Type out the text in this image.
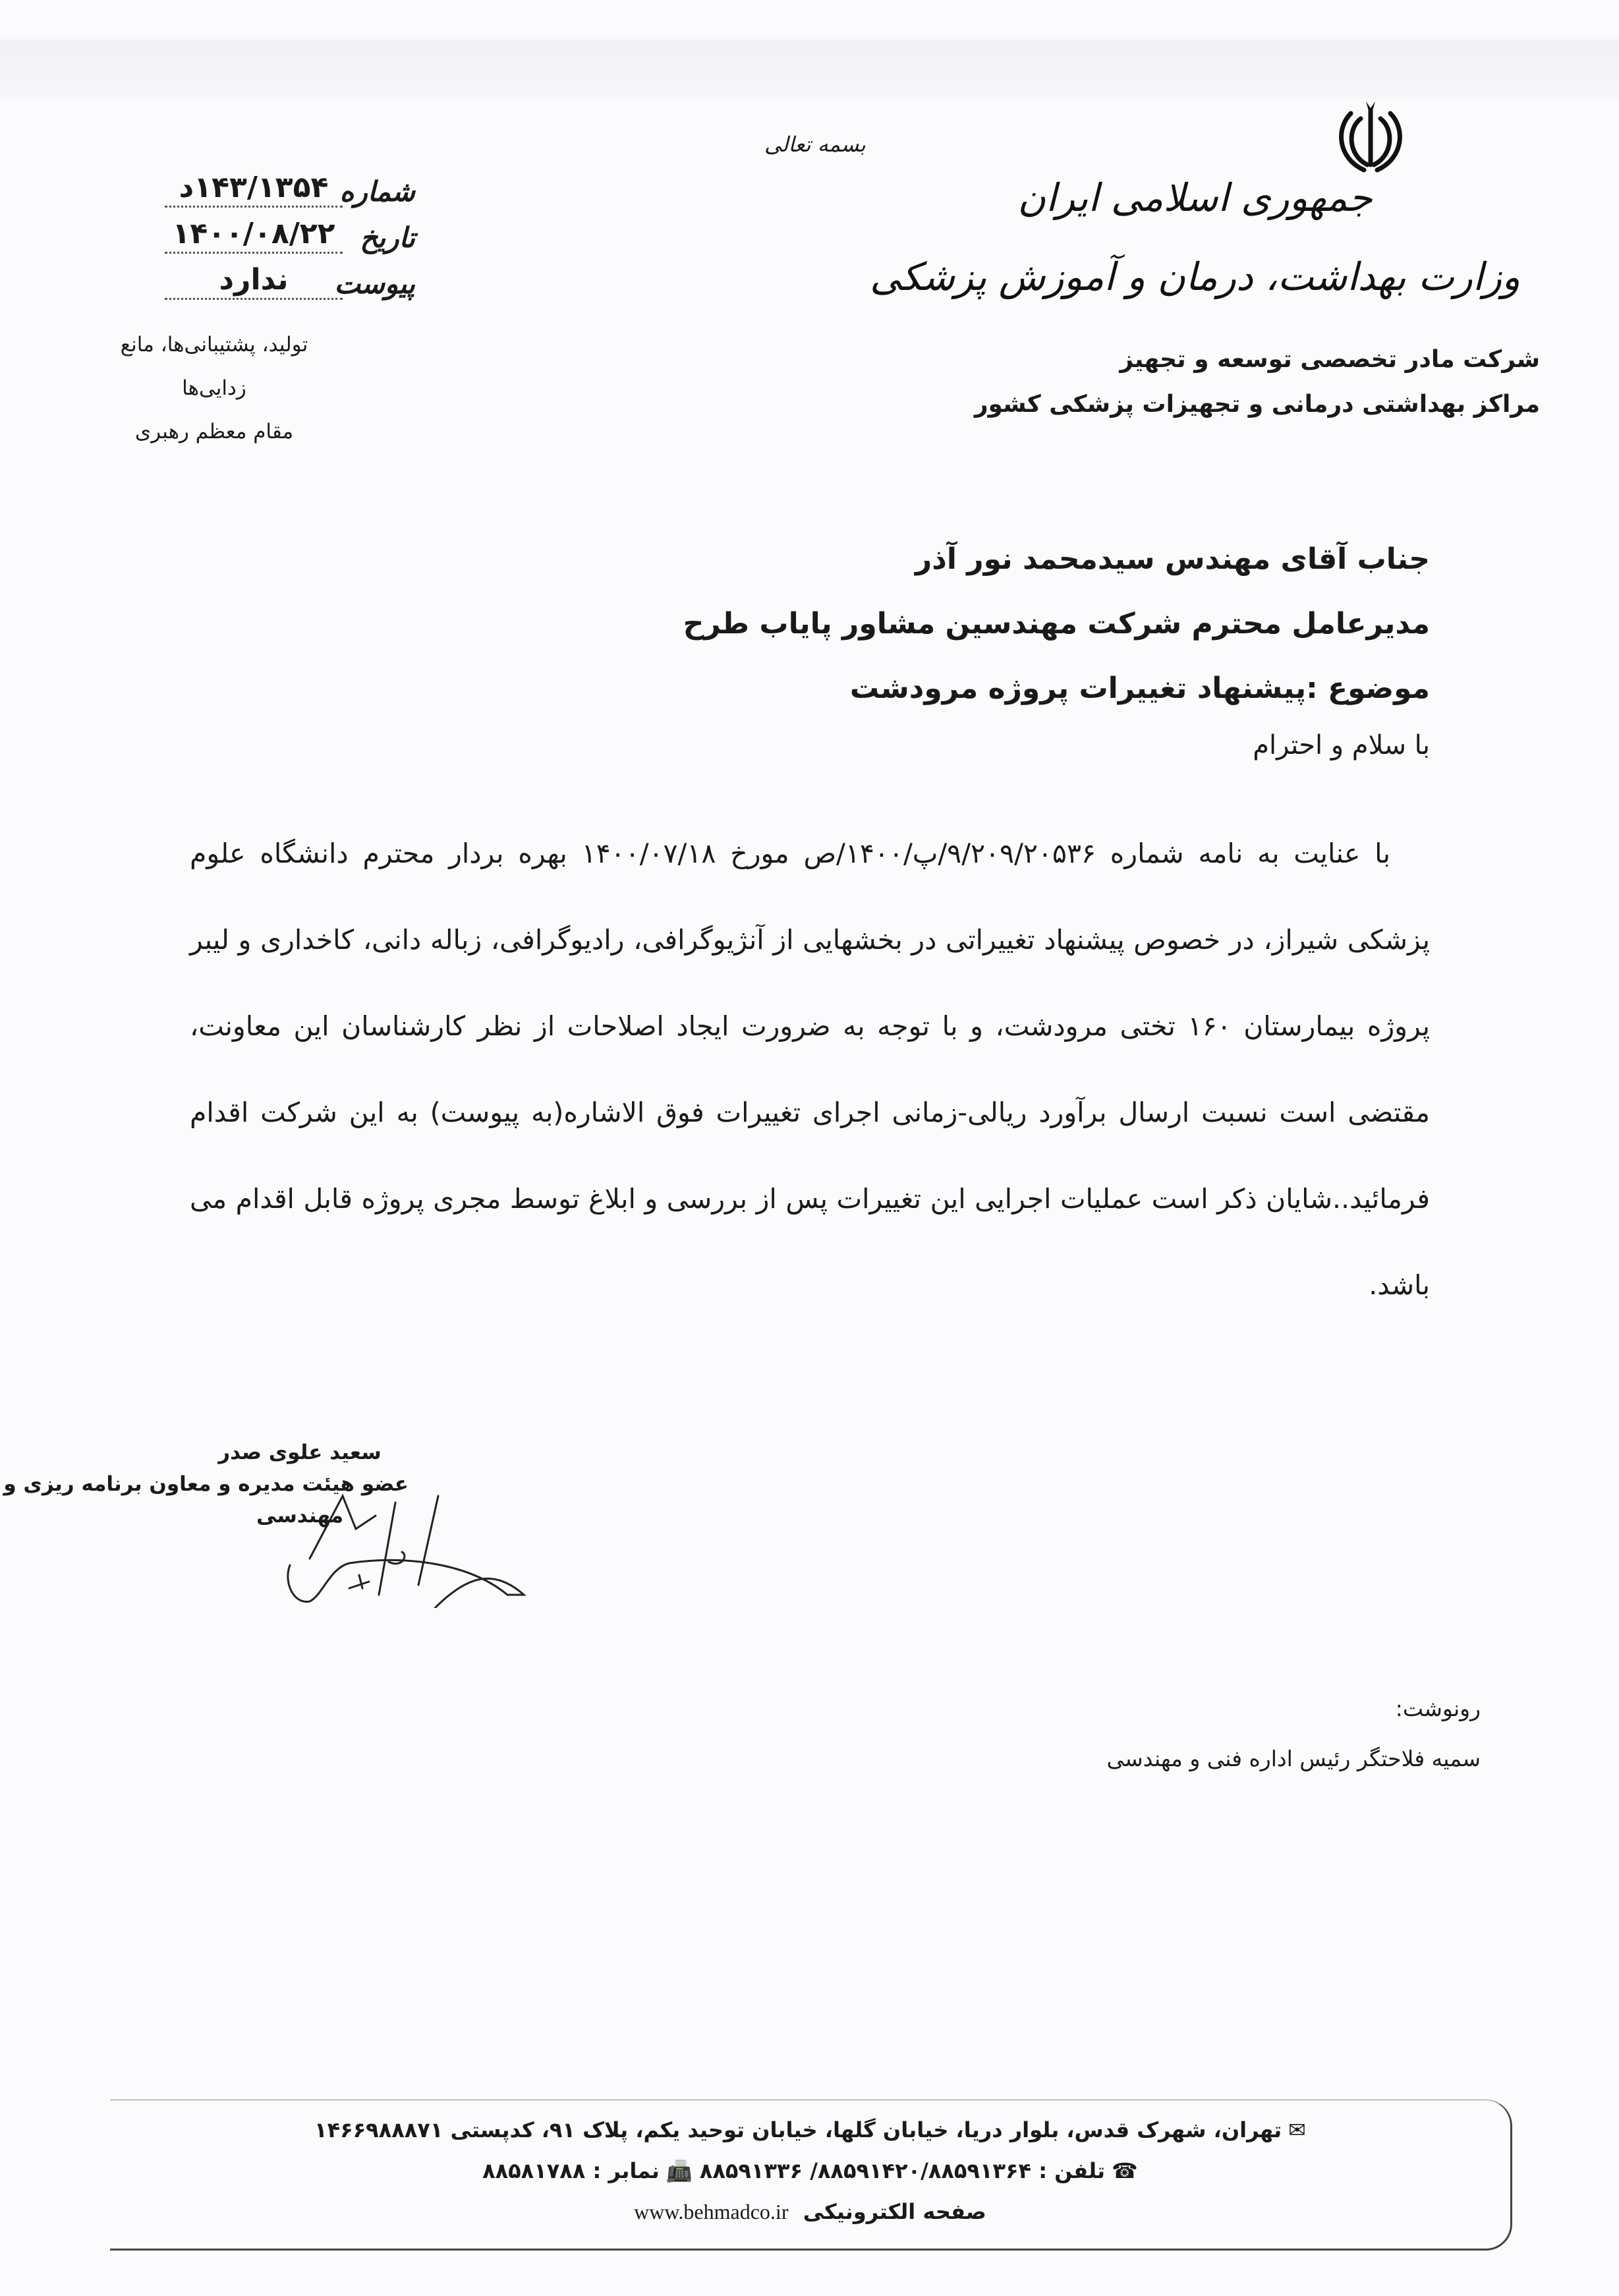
جمهوری اسلامی ایران
وزارت بهداشت، درمان و آموزش پزشکی
شرکت مادر تخصصی توسعه و تجهیز
مراکز بهداشتی درمانی و تجهیزات پزشکی کشور
بسمه تعالی
شماره
۱۴۳/۱۳۵۴د
تاریخ
۱۴۰۰/۰۸/۲۲
پیوست
ندارد
تولید، پشتیبانی‌ها، مانع زدایی‌ها
مقام معظم رهبری
جناب آقای مهندس سیدمحمد نور آذر
مدیرعامل محترم شرکت مهندسین مشاور پایاب طرح
موضوع :پیشنهاد تغییرات پروژه مرودشت
با سلام و احترام

با عنایت به نامه شماره ۹/۲۰۹/۲۰۵۳۶/پ/۱۴۰۰/ص مورخ ۱۴۰۰/۰۷/۱۸ بهره بردار محترم دانشگاه علوم پزشکی شیراز، در خصوص پیشنهاد تغییراتی در بخشهایی از آنژیوگرافی، رادیوگرافی، زباله دانی، کاخداری و لیبر پروژه بیمارستان ۱۶۰ تختی مرودشت، و با توجه به ضرورت ایجاد اصلاحات از نظر کارشناسان این معاونت، مقتضی است نسبت ارسال برآورد ریالی-زمانی اجرای تغییرات فوق الاشاره(به پیوست) به این شرکت اقدام فرمائید..شایان ذکر است عملیات اجرایی این تغییرات پس از بررسی و ابلاغ توسط مجری پروژه قابل اقدام می باشد.

سعید علوی صدر
عضو هیئت مدیره و معاون برنامه ریزی و
مهندسی
رونوشت:
سمیه فلاحتگر رئیس اداره فنی و مهندسی
✉تهران، شهرک قدس، بلوار دریا، خیابان گلها، خیابان توحید یکم، پلاک ۹۱، کدپستی ۱۴۶۶۹۸۸۸۷۱
☎تلفن : ۸۸۵۹۱۴۲۰/۸۸۵۹۱۳۶۴/ ۸۸۵۹۱۳۳۶ 📠نمابر : ۸۸۵۸۱۷۸۸
صفحه الکترونیکی  www.behmadco.ir
